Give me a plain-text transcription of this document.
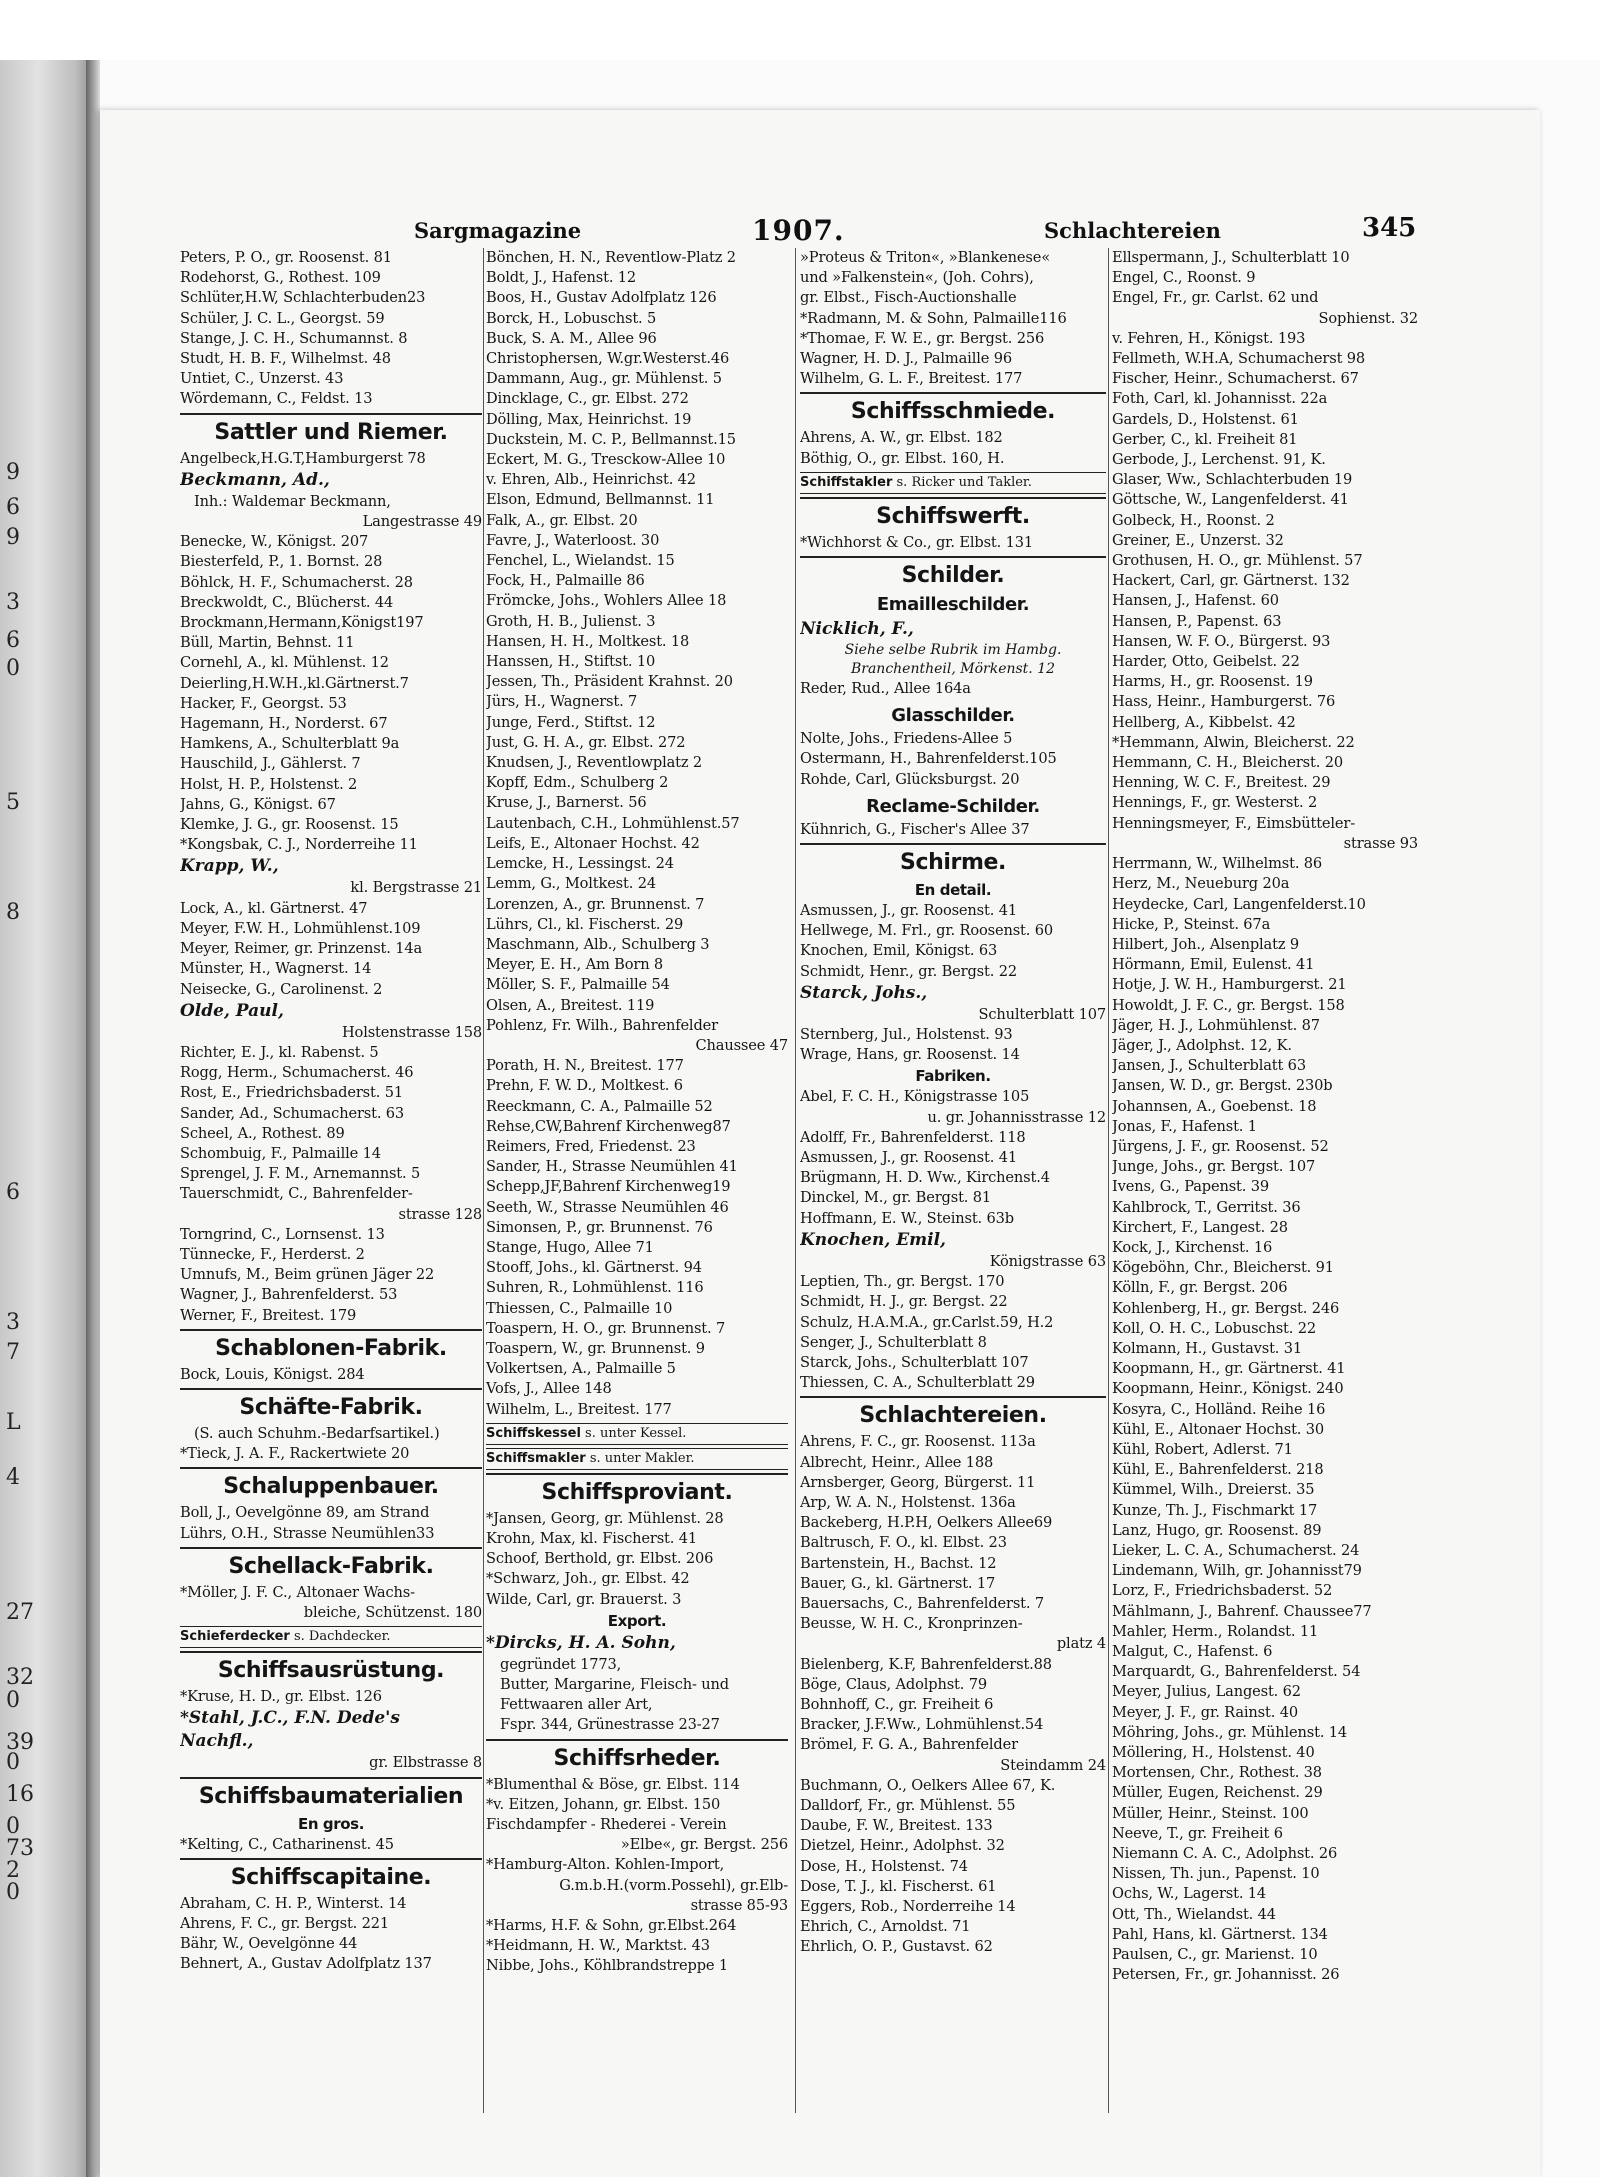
9
6
9
3
6
0
5
8
6
3
7
L
4
27
32
0
39
0
16
0
73
2
0
Sargmagazine	1907.	Schlachtereien	345
Peters, P. O., gr. Roosenst. 81
Rodehorst, G., Rothest. 109
Schlüter,H.W, Schlachterbuden23
Schüler, J. C. L., Georgst. 59
Stange, J. C. H., Schumannst. 8
Studt, H. B. F., Wilhelmst. 48
Untiet, C., Unzerst. 43
Wördemann, C., Feldst. 13
Sattler und Riemer.
Angelbeck,H.G.T,Hamburgerst 78
Beckmann, Ad.,
Inh.: Waldemar Beckmann,
Langestrasse 49
Benecke, W., Königst. 207
Biesterfeld, P., 1. Bornst. 28
Böhlck, H. F., Schumacherst. 28
Breckwoldt, C., Blücherst. 44
Brockmann,Hermann,Königst197
Büll, Martin, Behnst. 11
Cornehl, A., kl. Mühlenst. 12
Deierling,H.W.H.,kl.Gärtnerst.7
Hacker, F., Georgst. 53
Hagemann, H., Norderst. 67
Hamkens, A., Schulterblatt 9a
Hauschild, J., Gählerst. 7
Holst, H. P., Holstenst. 2
Jahns, G., Königst. 67
Klemke, J. G., gr. Roosenst. 15
*Kongsbak, C. J., Norderreihe 11
Krapp, W.,
kl. Bergstrasse 21
Lock, A., kl. Gärtnerst. 47
Meyer, F.W. H., Lohmühlenst.109
Meyer, Reimer, gr. Prinzenst. 14a
Münster, H., Wagnerst. 14
Neisecke, G., Carolinenst. 2
Olde, Paul,
Holstenstrasse 158
Richter, E. J., kl. Rabenst. 5
Rogg, Herm., Schumacherst. 46
Rost, E., Friedrichsbaderst. 51
Sander, Ad., Schumacherst. 63
Scheel, A., Rothest. 89
Schombuig, F., Palmaille 14
Sprengel, J. F. M., Arnemannst. 5
Tauerschmidt, C., Bahrenfelder-
strasse 128
Torngrind, C., Lornsenst. 13
Tünnecke, F., Herderst. 2
Umnufs, M., Beim grünen Jäger 22
Wagner, J., Bahrenfelderst. 53
Werner, F., Breitest. 179
Schablonen-Fabrik.
Bock, Louis, Königst. 284
Schäfte-Fabrik.
(S. auch Schuhm.-Bedarfsartikel.)
*Tieck, J. A. F., Rackertwiete 20
Schaluppenbauer.
Boll, J., Oevelgönne 89, am Strand
Lührs, O.H., Strasse Neumühlen33
Schellack-Fabrik.
*Möller, J. F. C., Altonaer Wachs-
bleiche, Schützenst. 180
Schieferdecker s. Dachdecker.
Schiffsausrüstung.
*Kruse, H. D., gr. Elbst. 126
*Stahl, J.C., F.N. Dede's
Nachfl.,
gr. Elbstrasse 8
Schiffsbaumaterialien
En gros.
*Kelting, C., Catharinenst. 45
Schiffscapitaine.
Abraham, C. H. P., Winterst. 14
Ahrens, F. C., gr. Bergst. 221
Bähr, W., Oevelgönne 44
Behnert, A., Gustav Adolfplatz 137
Bönchen, H. N., Reventlow-Platz 2
Boldt, J., Hafenst. 12
Boos, H., Gustav Adolfplatz 126
Borck, H., Lobuschst. 5
Buck, S. A. M., Allee 96
Christophersen, W.gr.Westerst.46
Dammann, Aug., gr. Mühlenst. 5
Dincklage, C., gr. Elbst. 272
Dölling, Max, Heinrichst. 19
Duckstein, M. C. P., Bellmannst.15
Eckert, M. G., Tresckow-Allee 10
v. Ehren, Alb., Heinrichst. 42
Elson, Edmund, Bellmannst. 11
Falk, A., gr. Elbst. 20
Favre, J., Waterloost. 30
Fenchel, L., Wielandst. 15
Fock, H., Palmaille 86
Frömcke, Johs., Wohlers Allee 18
Groth, H. B., Julienst. 3
Hansen, H. H., Moltkest. 18
Hanssen, H., Stiftst. 10
Jessen, Th., Präsident Krahnst. 20
Jürs, H., Wagnerst. 7
Junge, Ferd., Stiftst. 12
Just, G. H. A., gr. Elbst. 272
Knudsen, J., Reventlowplatz 2
Kopff, Edm., Schulberg 2
Kruse, J., Barnerst. 56
Lautenbach, C.H., Lohmühlenst.57
Leifs, E., Altonaer Hochst. 42
Lemcke, H., Lessingst. 24
Lemm, G., Moltkest. 24
Lorenzen, A., gr. Brunnenst. 7
Lührs, Cl., kl. Fischerst. 29
Maschmann, Alb., Schulberg 3
Meyer, E. H., Am Born 8
Möller, S. F., Palmaille 54
Olsen, A., Breitest. 119
Pohlenz, Fr. Wilh., Bahrenfelder
Chaussee 47
Porath, H. N., Breitest. 177
Prehn, F. W. D., Moltkest. 6
Reeckmann, C. A., Palmaille 52
Rehse,CW,Bahrenf Kirchenweg87
Reimers, Fred, Friedenst. 23
Sander, H., Strasse Neumühlen 41
Schepp,JF,Bahrenf Kirchenweg19
Seeth, W., Strasse Neumühlen 46
Simonsen, P., gr. Brunnenst. 76
Stange, Hugo, Allee 71
Stooff, Johs., kl. Gärtnerst. 94
Suhren, R., Lohmühlenst. 116
Thiessen, C., Palmaille 10
Toaspern, H. O., gr. Brunnenst. 7
Toaspern, W., gr. Brunnenst. 9
Volkertsen, A., Palmaille 5
Vofs, J., Allee 148
Wilhelm, L., Breitest. 177
Schiffskessel s. unter Kessel.
Schiffsmakler s. unter Makler.
Schiffsproviant.
*Jansen, Georg, gr. Mühlenst. 28
Krohn, Max, kl. Fischerst. 41
Schoof, Berthold, gr. Elbst. 206
*Schwarz, Joh., gr. Elbst. 42
Wilde, Carl, gr. Brauerst. 3
Export.
*Dircks, H. A. Sohn,
gegründet 1773,
Butter, Margarine, Fleisch- und
Fettwaaren aller Art,
Fspr. 344, Grünestrasse 23-27
Schiffsrheder.
*Blumenthal & Böse, gr. Elbst. 114
*v. Eitzen, Johann, gr. Elbst. 150
Fischdampfer - Rhederei - Verein
»Elbe«, gr. Bergst. 256
*Hamburg-Alton. Kohlen-Import,
G.m.b.H.(vorm.Possehl), gr.Elb-
strasse 85-93
*Harms, H.F. & Sohn, gr.Elbst.264
*Heidmann, H. W., Marktst. 43
Nibbe, Johs., Köhlbrandstreppe 1
»Proteus & Triton«, »Blankenese«
und »Falkenstein«, (Joh. Cohrs),
gr. Elbst., Fisch-Auctionshalle
*Radmann, M. & Sohn, Palmaille116
*Thomae, F. W. E., gr. Bergst. 256
Wagner, H. D. J., Palmaille 96
Wilhelm, G. L. F., Breitest. 177
Schiffsschmiede.
Ahrens, A. W., gr. Elbst. 182
Böthig, O., gr. Elbst. 160, H.
Schiffstakler s. Ricker und Takler.
Schiffswerft.
*Wichhorst & Co., gr. Elbst. 131
Schilder.
Emailleschilder.
Nicklich, F.,
Siehe selbe Rubrik im Hambg.
Branchentheil, Mörkenst. 12
Reder, Rud., Allee 164a
Glasschilder.
Nolte, Johs., Friedens-Allee 5
Ostermann, H., Bahrenfelderst.105
Rohde, Carl, Glücksburgst. 20
Reclame-Schilder.
Kühnrich, G., Fischer's Allee 37
Schirme.
En detail.
Asmussen, J., gr. Roosenst. 41
Hellwege, M. Frl., gr. Roosenst. 60
Knochen, Emil, Königst. 63
Schmidt, Henr., gr. Bergst. 22
Starck, Johs.,
Schulterblatt 107
Sternberg, Jul., Holstenst. 93
Wrage, Hans, gr. Roosenst. 14
Fabriken.
Abel, F. C. H., Königstrasse 105
u. gr. Johannisstrasse 12
Adolff, Fr., Bahrenfelderst. 118
Asmussen, J., gr. Roosenst. 41
Brügmann, H. D. Ww., Kirchenst.4
Dinckel, M., gr. Bergst. 81
Hoffmann, E. W., Steinst. 63b
Knochen, Emil,
Königstrasse 63
Leptien, Th., gr. Bergst. 170
Schmidt, H. J., gr. Bergst. 22
Schulz, H.A.M.A., gr.Carlst.59, H.2
Senger, J., Schulterblatt 8
Starck, Johs., Schulterblatt 107
Thiessen, C. A., Schulterblatt 29
Schlachtereien.
Ahrens, F. C., gr. Roosenst. 113a
Albrecht, Heinr., Allee 188
Arnsberger, Georg, Bürgerst. 11
Arp, W. A. N., Holstenst. 136a
Backeberg, H.P.H, Oelkers Allee69
Baltrusch, F. O., kl. Elbst. 23
Bartenstein, H., Bachst. 12
Bauer, G., kl. Gärtnerst. 17
Bauersachs, C., Bahrenfelderst. 7
Beusse, W. H. C., Kronprinzen-
platz 4
Bielenberg, K.F, Bahrenfelderst.88
Böge, Claus, Adolphst. 79
Bohnhoff, C., gr. Freiheit 6
Bracker, J.F.Ww., Lohmühlenst.54
Brömel, F. G. A., Bahrenfelder
Steindamm 24
Buchmann, O., Oelkers Allee 67, K.
Dalldorf, Fr., gr. Mühlenst. 55
Daube, F. W., Breitest. 133
Dietzel, Heinr., Adolphst. 32
Dose, H., Holstenst. 74
Dose, T. J., kl. Fischerst. 61
Eggers, Rob., Norderreihe 14
Ehrich, C., Arnoldst. 71
Ehrlich, O. P., Gustavst. 62
Ellspermann, J., Schulterblatt 10
Engel, C., Roonst. 9
Engel, Fr., gr. Carlst. 62 und
Sophienst. 32
v. Fehren, H., Königst. 193
Fellmeth, W.H.A, Schumacherst 98
Fischer, Heinr., Schumacherst. 67
Foth, Carl, kl. Johannisst. 22a
Gardels, D., Holstenst. 61
Gerber, C., kl. Freiheit 81
Gerbode, J., Lerchenst. 91, K.
Glaser, Ww., Schlachterbuden 19
Göttsche, W., Langenfelderst. 41
Golbeck, H., Roonst. 2
Greiner, E., Unzerst. 32
Grothusen, H. O., gr. Mühlenst. 57
Hackert, Carl, gr. Gärtnerst. 132
Hansen, J., Hafenst. 60
Hansen, P., Papenst. 63
Hansen, W. F. O., Bürgerst. 93
Harder, Otto, Geibelst. 22
Harms, H., gr. Roosenst. 19
Hass, Heinr., Hamburgerst. 76
Hellberg, A., Kibbelst. 42
*Hemmann, Alwin, Bleicherst. 22
Hemmann, C. H., Bleicherst. 20
Henning, W. C. F., Breitest. 29
Hennings, F., gr. Westerst. 2
Henningsmeyer, F., Eimsbütteler-
strasse 93
Herrmann, W., Wilhelmst. 86
Herz, M., Neueburg 20a
Heydecke, Carl, Langenfelderst.10
Hicke, P., Steinst. 67a
Hilbert, Joh., Alsenplatz 9
Hörmann, Emil, Eulenst. 41
Hotje, J. W. H., Hamburgerst. 21
Howoldt, J. F. C., gr. Bergst. 158
Jäger, H. J., Lohmühlenst. 87
Jäger, J., Adolphst. 12, K.
Jansen, J., Schulterblatt 63
Jansen, W. D., gr. Bergst. 230b
Johannsen, A., Goebenst. 18
Jonas, F., Hafenst. 1
Jürgens, J. F., gr. Roosenst. 52
Junge, Johs., gr. Bergst. 107
Ivens, G., Papenst. 39
Kahlbrock, T., Gerritst. 36
Kirchert, F., Langest. 28
Kock, J., Kirchenst. 16
Kögeböhn, Chr., Bleicherst. 91
Kölln, F., gr. Bergst. 206
Kohlenberg, H., gr. Bergst. 246
Koll, O. H. C., Lobuschst. 22
Kolmann, H., Gustavst. 31
Koopmann, H., gr. Gärtnerst. 41
Koopmann, Heinr., Königst. 240
Kosyra, C., Holländ. Reihe 16
Kühl, E., Altonaer Hochst. 30
Kühl, Robert, Adlerst. 71
Kühl, E., Bahrenfelderst. 218
Kümmel, Wilh., Dreierst. 35
Kunze, Th. J., Fischmarkt 17
Lanz, Hugo, gr. Roosenst. 89
Lieker, L. C. A., Schumacherst. 24
Lindemann, Wilh, gr. Johannisst79
Lorz, F., Friedrichsbaderst. 52
Mählmann, J., Bahrenf. Chaussee77
Mahler, Herm., Rolandst. 11
Malgut, C., Hafenst. 6
Marquardt, G., Bahrenfelderst. 54
Meyer, Julius, Langest. 62
Meyer, J. F., gr. Rainst. 40
Möhring, Johs., gr. Mühlenst. 14
Möllering, H., Holstenst. 40
Mortensen, Chr., Rothest. 38
Müller, Eugen, Reichenst. 29
Müller, Heinr., Steinst. 100
Neeve, T., gr. Freiheit 6
Niemann C. A. C., Adolphst. 26
Nissen, Th. jun., Papenst. 10
Ochs, W., Lagerst. 14
Ott, Th., Wielandst. 44
Pahl, Hans, kl. Gärtnerst. 134
Paulsen, C., gr. Marienst. 10
Petersen, Fr., gr. Johannisst. 26
